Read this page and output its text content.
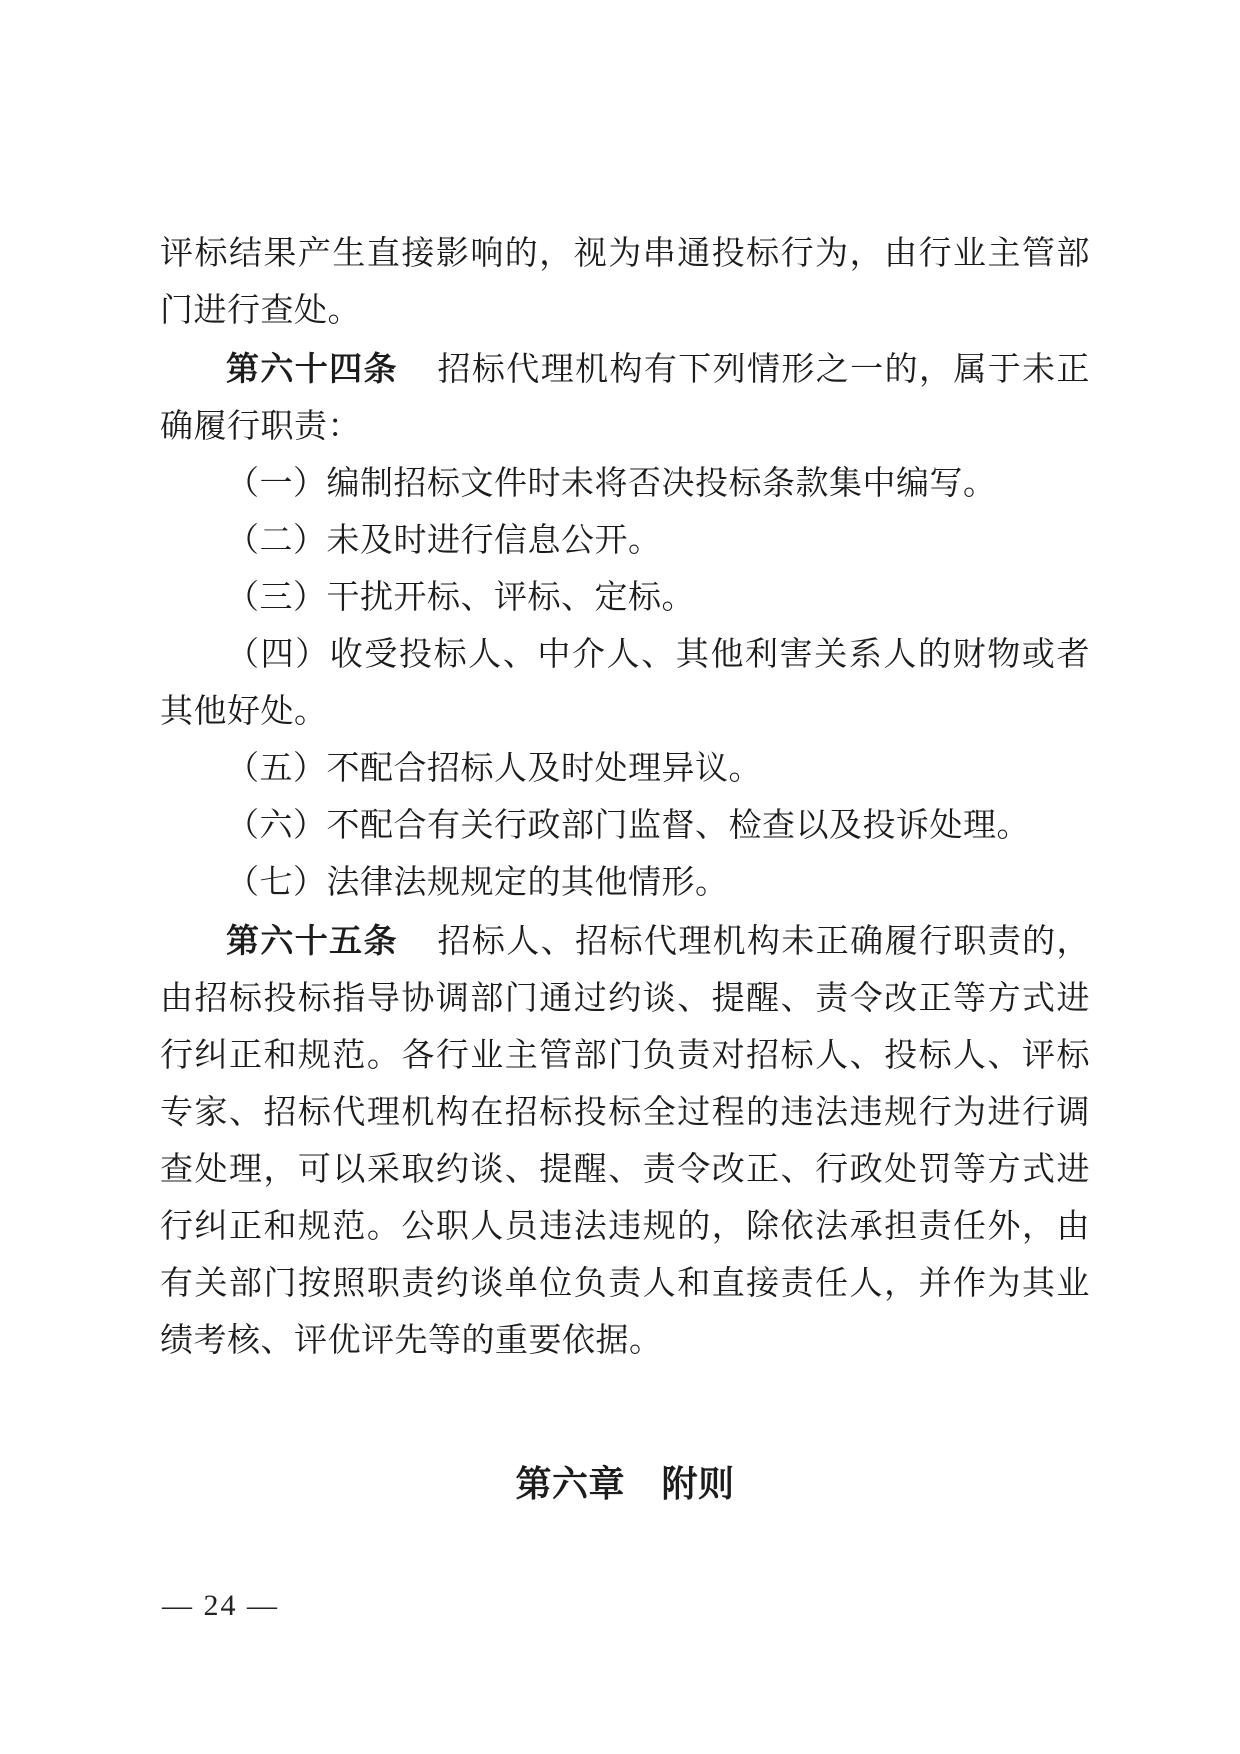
评标结果产生直接影响的，视为串通投标行为，由行业主管部门进行查处。

第六十四条 招标代理机构有下列情形之一的，属于未正确履行职责：

（一）编制招标文件时未将否决投标条款集中编写。

（二）未及时进行信息公开。

（三）干扰开标、评标、定标。

（四）收受投标人、中介人、其他利害关系人的财物或者其他好处。

（五）不配合招标人及时处理异议。

（六）不配合有关行政部门监督、检查以及投诉处理。

（七）法律法规规定的其他情形。

第六十五条 招标人、招标代理机构未正确履行职责的，由招标投标指导协调部门通过约谈、提醒、责令改正等方式进行纠正和规范。各行业主管部门负责对招标人、投标人、评标专家、招标代理机构在招标投标全过程的违法违规行为进行调查处理，可以采取约谈、提醒、责令改正、行政处罚等方式进行纠正和规范。公职人员违法违规的，除依法承担责任外，由有关部门按照职责约谈单位负责人和直接责任人，并作为其业绩考核、评优评先等的重要依据。

第六章　附则

— 24 —
